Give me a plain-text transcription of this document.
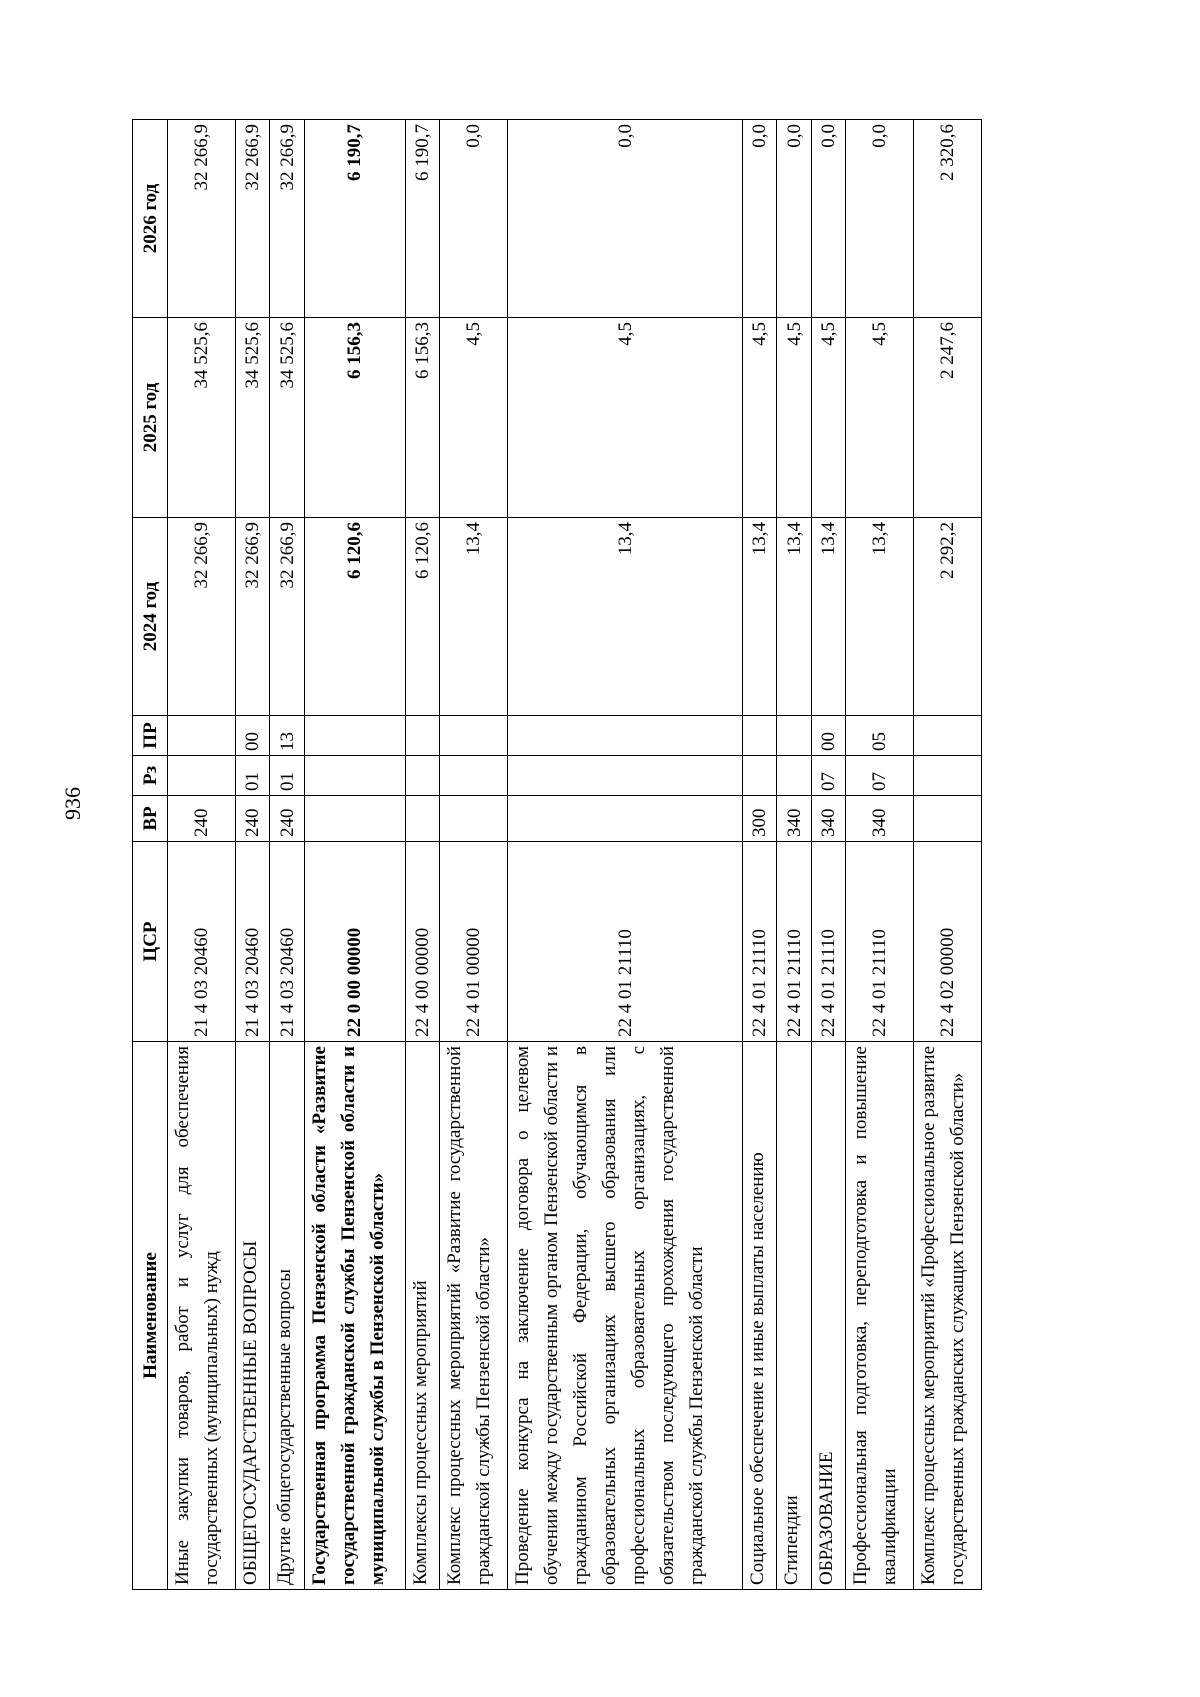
936
Наименование	ЦСР	ВР	Рз	ПР	2024 год	2025 год	2026 год
Иные закупки товаров, работ и услуг для обеспечения государственных (муниципальных) нужд	21 4 03 20460	240			32 266,9	34 525,6	32 266,9
ОБЩЕГОСУДАРСТВЕННЫЕ ВОПРОСЫ	21 4 03 20460	240	01	00	32 266,9	34 525,6	32 266,9
Другие общегосударственные вопросы	21 4 03 20460	240	01	13	32 266,9	34 525,6	32 266,9
Государственная программа Пензенской области «Развитие государственной гражданской службы Пензенской области и муниципальной службы в Пензенской области»	22 0 00 00000				6 120,6	6 156,3	6 190,7
Комплексы процессных мероприятий	22 4 00 00000				6 120,6	6 156,3	6 190,7
Комплекс процессных мероприятий «Развитие государственной гражданской службы Пензенской области»	22 4 01 00000				13,4	4,5	0,0
Проведение конкурса на заключение договора о целевом обучении между государственным органом Пензенской области и гражданином Российской Федерации, обучающимся в образовательных организациях высшего образования или профессиональных образовательных организациях, с обязательством последующего прохождения государственной гражданской службы Пензенской области	22 4 01 21110				13,4	4,5	0,0
Социальное обеспечение и иные выплаты населению	22 4 01 21110	300			13,4	4,5	0,0
Стипендии	22 4 01 21110	340			13,4	4,5	0,0
ОБРАЗОВАНИЕ	22 4 01 21110	340	07	00	13,4	4,5	0,0
Профессиональная подготовка, переподготовка и повышение квалификации	22 4 01 21110	340	07	05	13,4	4,5	0,0
Комплекс процессных мероприятий «Профессиональное развитие государственных гражданских служащих Пензенской области»	22 4 02 00000				2 292,2	2 247,6	2 320,6
